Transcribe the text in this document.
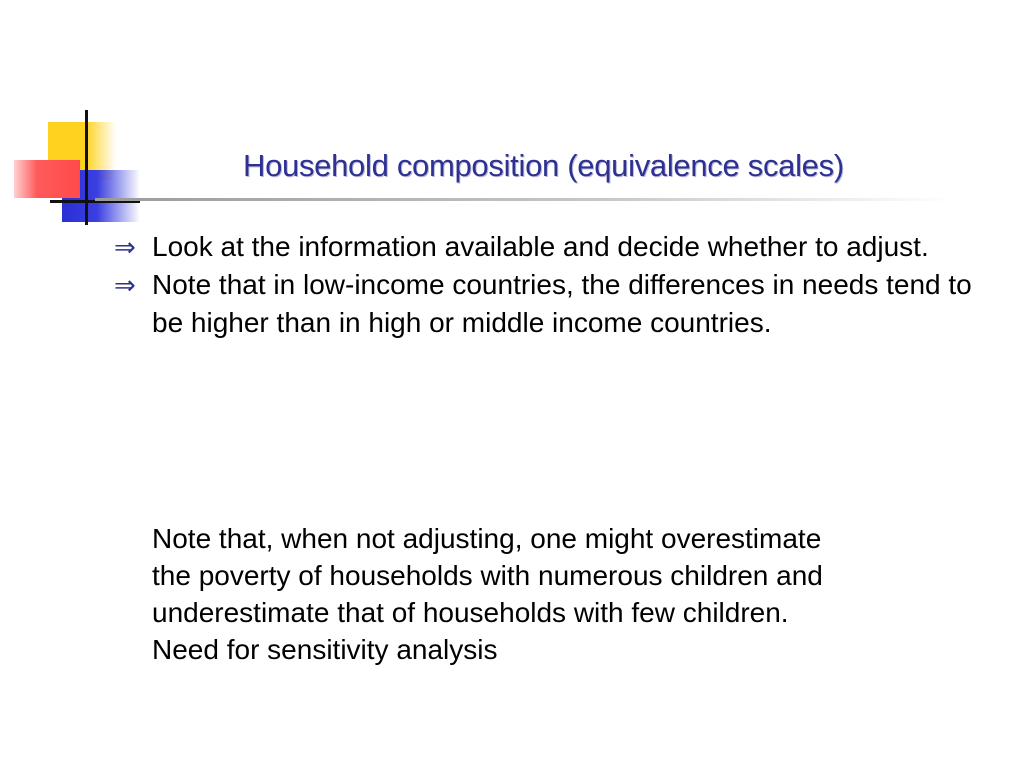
Household composition (equivalence scales)
⇒ Look at the information available and decide whether to adjust.
⇒ Note that in low-income countries, the differences in needs tend to be higher than in high or middle income countries.

Note that, when not adjusting, one might overestimate
the poverty of households with numerous children and
underestimate that of households with few children.
Need for sensitivity analysis
